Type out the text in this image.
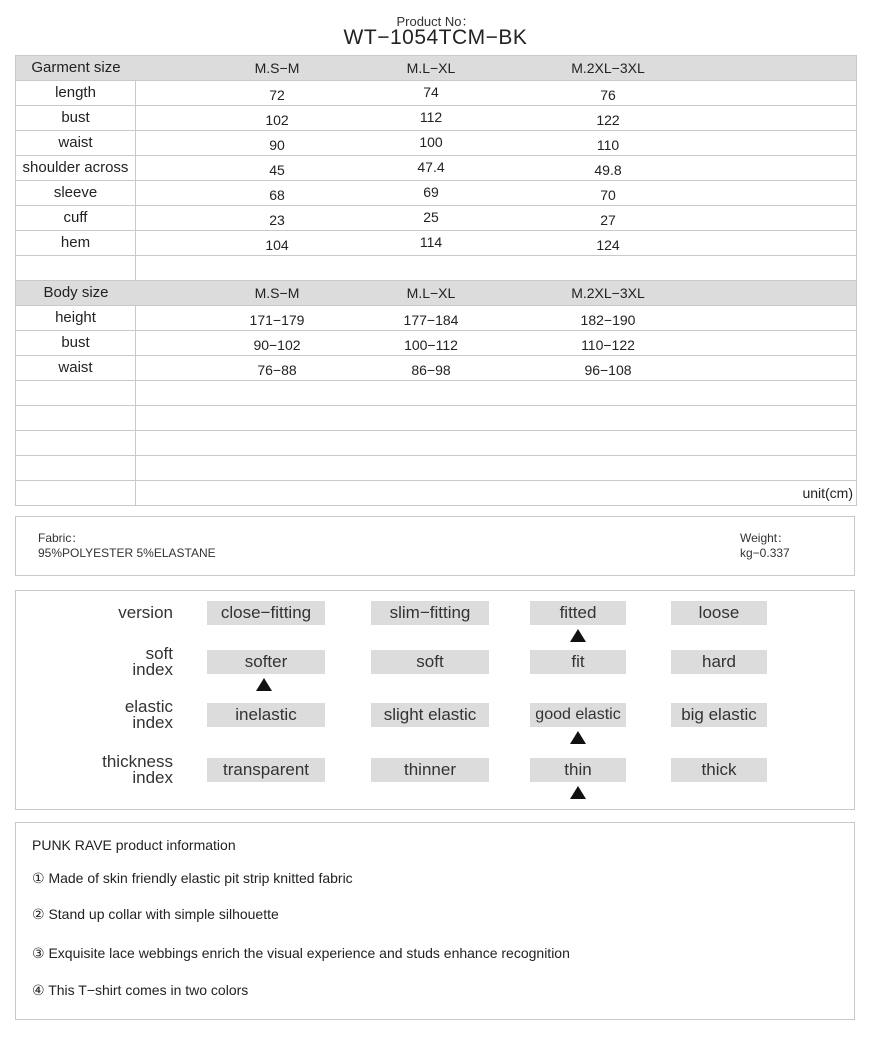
Product No：
WT−1054TCM−BK
Garment size	M.S−M	M.L−XL	M.2XL−3XL
length	72	74	76
bust	102	112	122
waist	90	100	110
shoulder across	45	47.4	49.8
sleeve	68	69	70
cuff	23	25	27
hem	104	114	124
Body size	M.S−M	M.L−XL	M.2XL−3XL
height	171−179	177−184	182−190
bust	90−102	100−112	110−122
waist	76−88	86−98	96−108
unit(cm)
Fabric：
95%POLYESTER 5%ELASTANE
Weight：
kg−0.337
version	close−fitting	slim−fitting	fitted	loose
soft
index	softer	soft	fit	hard
elastic
index	inelastic	slight elastic	good elastic	big elastic
thickness
index	transparent	thinner	thin	thick
PUNK RAVE product information
① Made of skin friendly elastic pit strip knitted fabric
② Stand up collar with simple silhouette
③ Exquisite lace webbings enrich the visual experience and studs enhance recognition
④ This T−shirt comes in two colors
